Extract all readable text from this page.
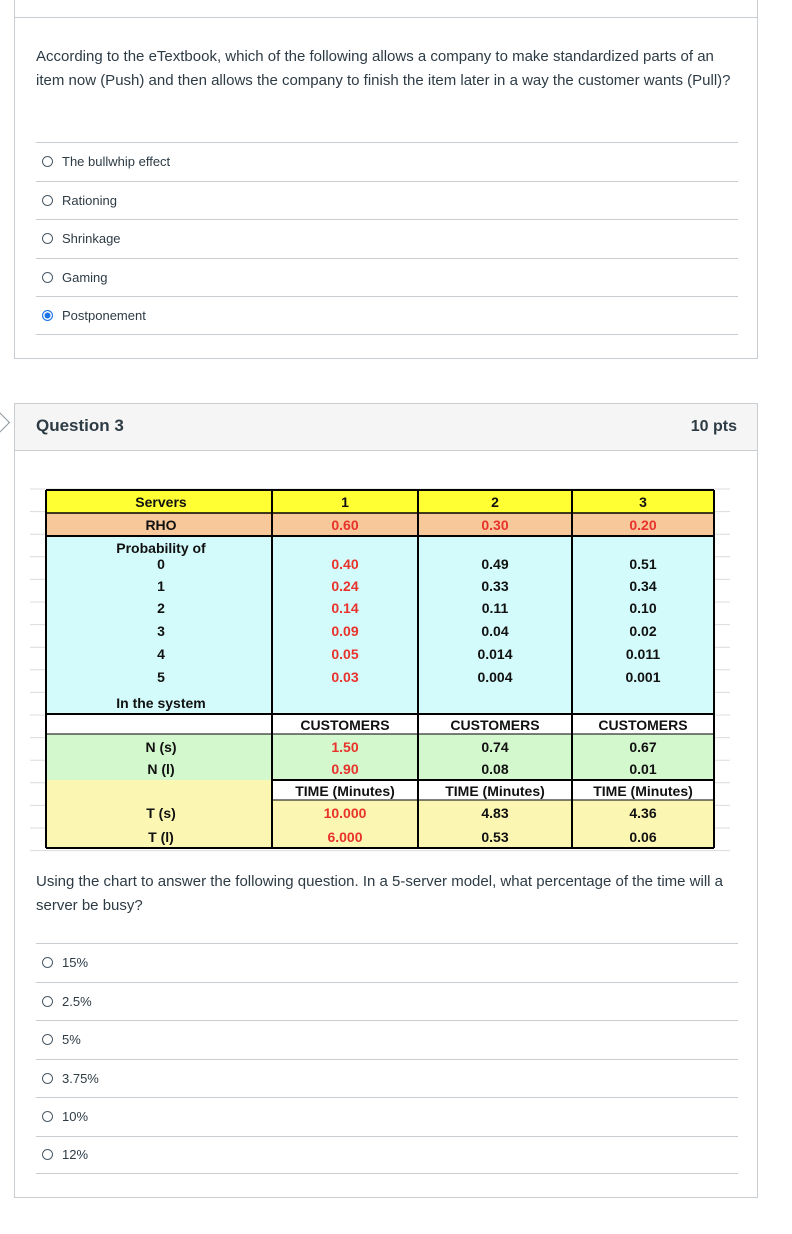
According to the eTextbook, which of the following allows a company to make standardized parts of an item now (Push) and then allows the company to finish the item later in a way the customer wants (Pull)?
The bullwhip effect
Rationing
Shrinkage
Gaming
Postponement
Question 3	10 pts
Using the chart to answer the following question. In a 5-server model, what percentage of the time will a server be busy?
15%
2.5%
5%
3.75%
10%
12%
Servers
RHO
1
0.60
2
0.30
3
0.20
Probability of
0
1
2
3
4
5
0.40
0.24
0.14
0.09
0.05
0.03
0.49
0.33
0.11
0.04
0.014
0.004
0.51
0.34
0.10
0.02
0.011
0.001
In the system
CUSTOMERS
1.50
0.90
CUSTOMERS
0.74
0.08
CUSTOMERS
0.67
0.01
N (s)
N (l)
TIME (Minutes)
10.000
6.000
TIME (Minutes)
4.83
0.53
TIME (Minutes)
4.36
0.06
T (s)
T (l)
